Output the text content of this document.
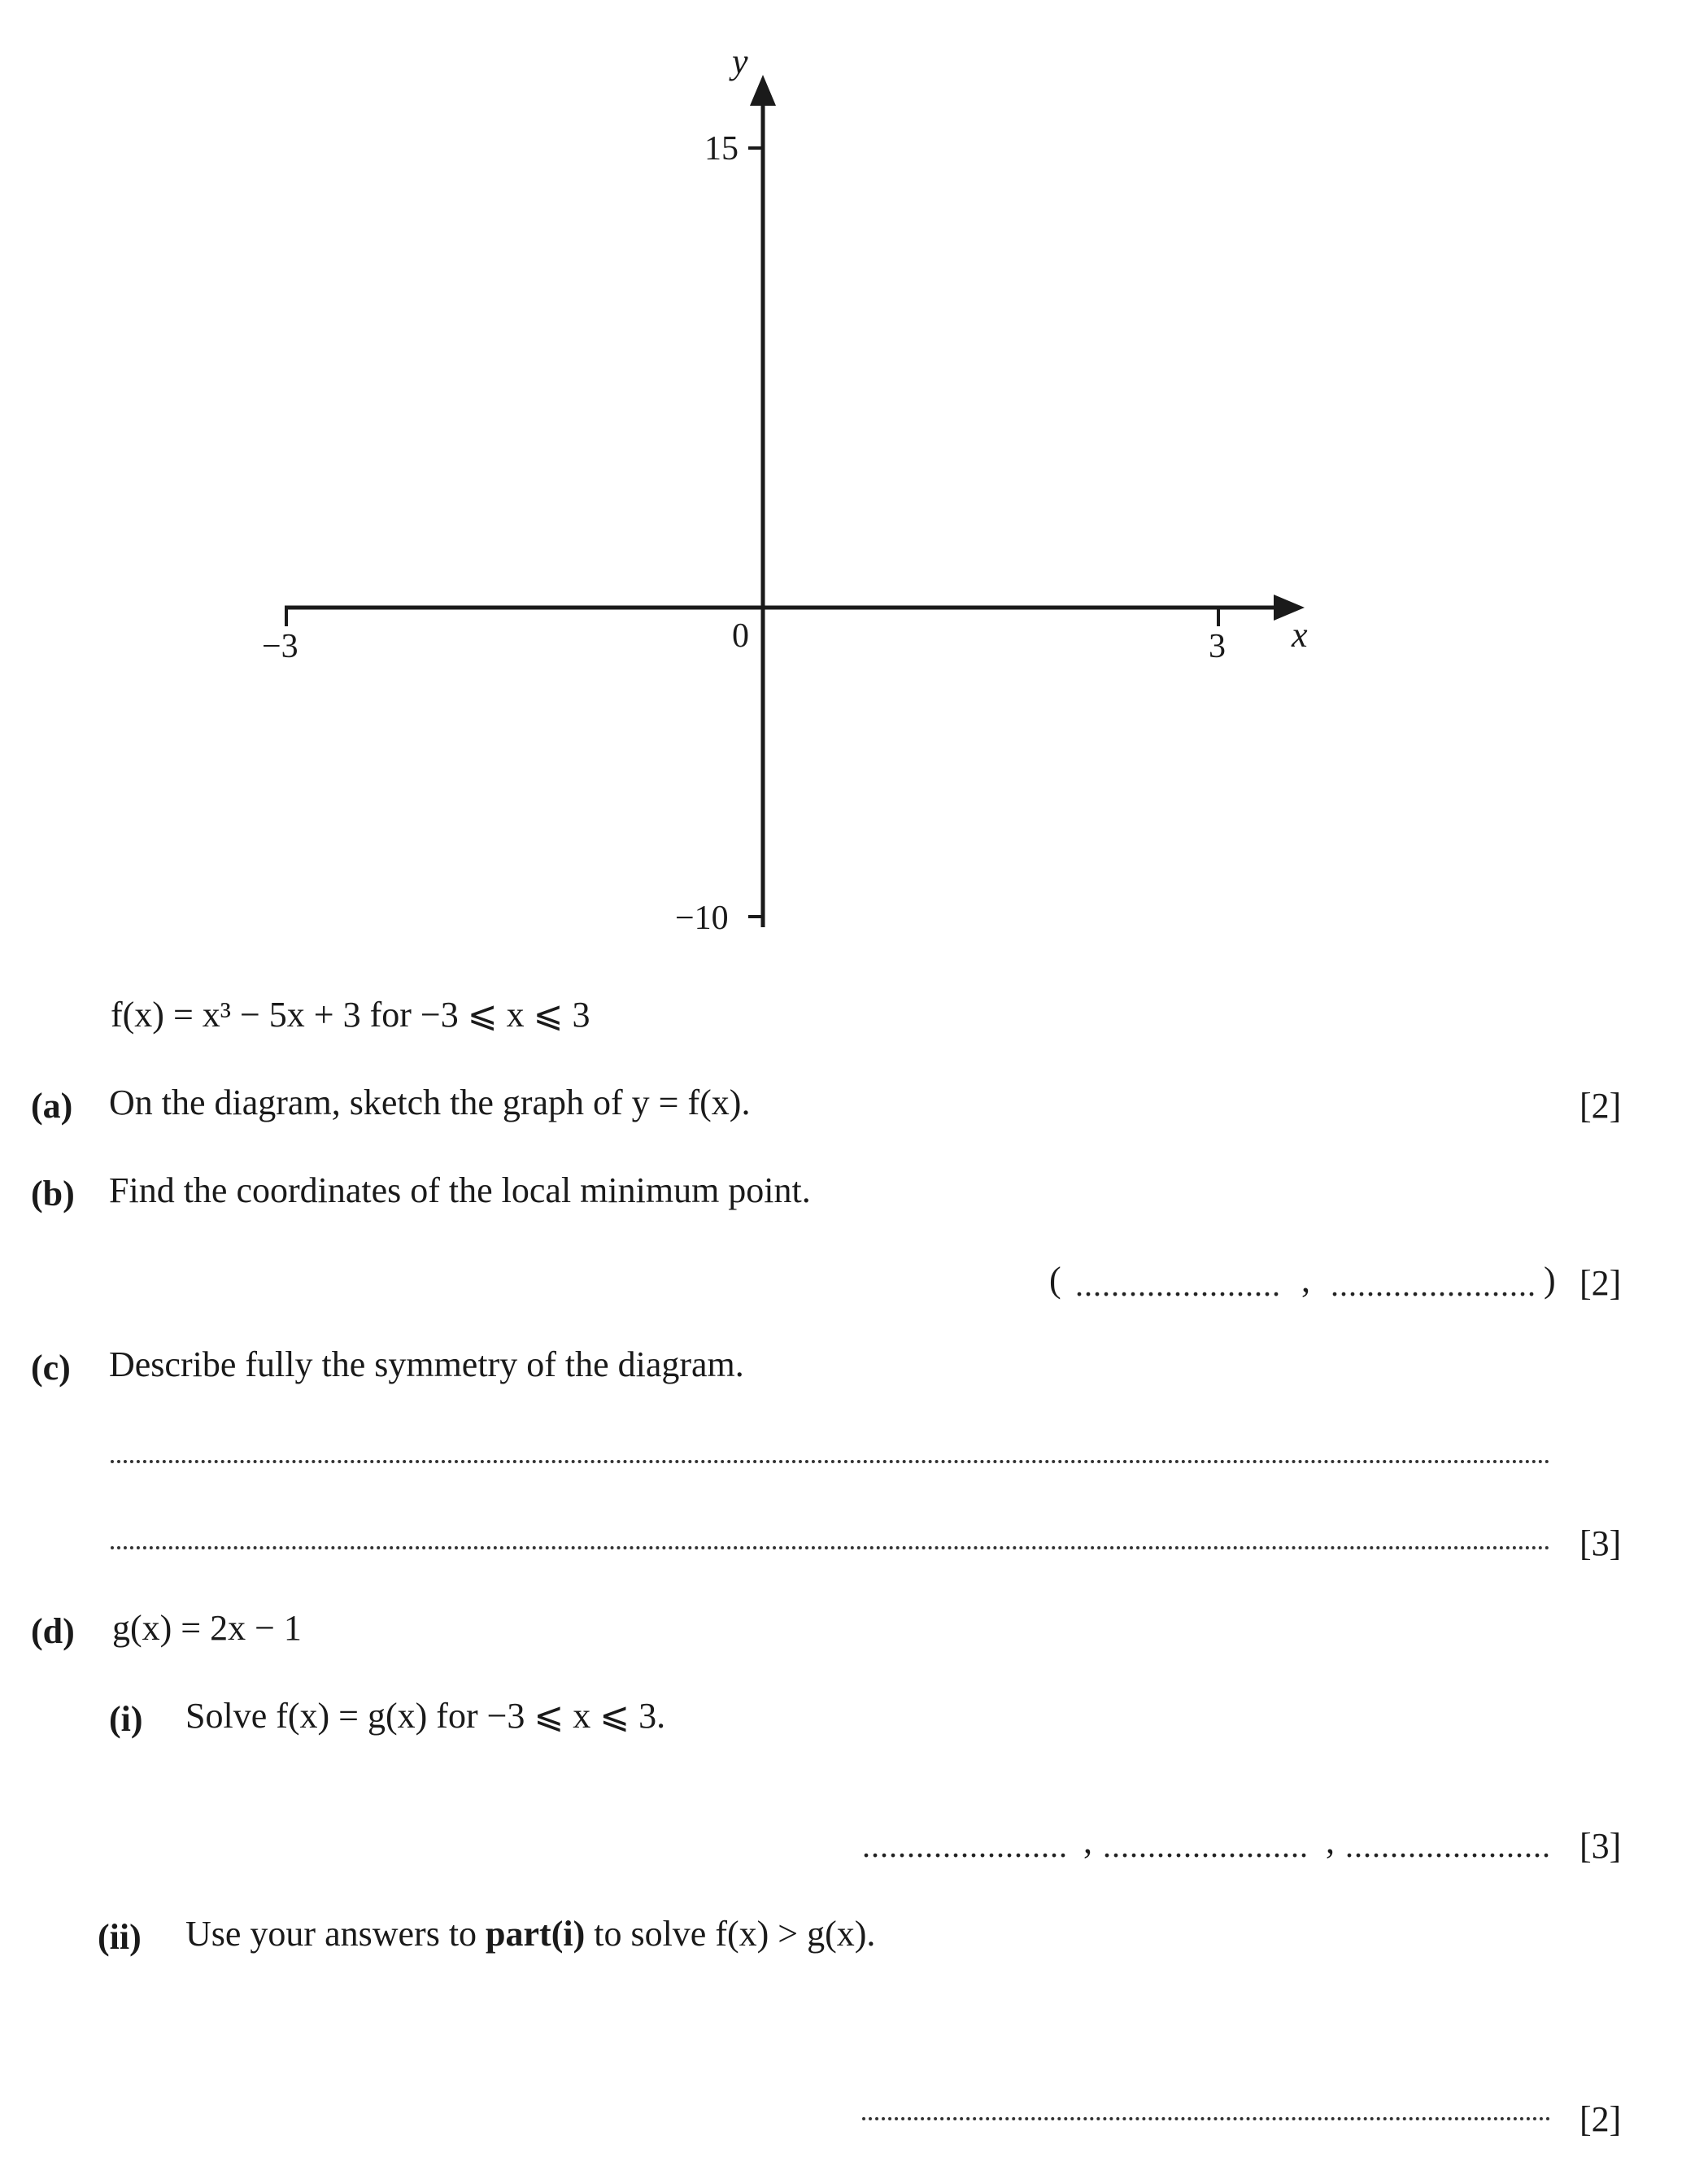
y
x
15
−10
−3	3
0
f(x) = x³ − 5x + 3 for −3 ⩽ x ⩽ 3
(a) On the diagram, sketch the graph of y = f(x).	[2]
(b) Find the coordinates of the local minimum point.
( ....................... , ....................... ) [2]
(c) Describe fully the symmetry of the diagram.
[3]
(d) g(x) = 2x − 1
(i) Solve f(x) = g(x) for −3 ⩽ x ⩽ 3.
....................... , ....................... , ....................... [3]
(ii) Use your answers to part(i) to solve f(x) > g(x).
[2]
